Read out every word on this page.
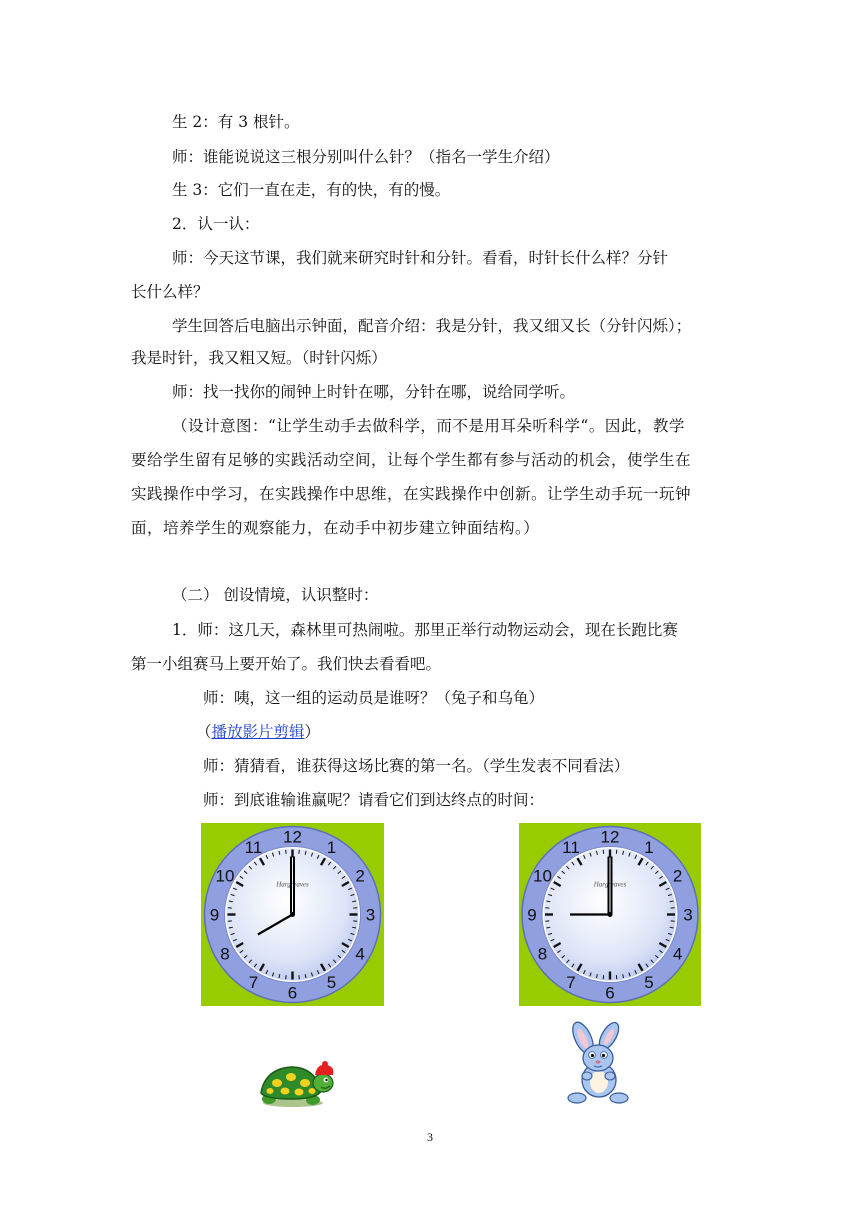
生 2：有 3 根针。
师：谁能说说这三根分别叫什么针？（指名一学生介绍）
生 3：它们一直在走，有的快，有的慢。
2．认一认：
师：今天这节课，我们就来研究时针和分针。看看，时针长什么样？分针
长什么样？
学生回答后电脑出示钟面，配音介绍：我是分针，我又细又长（分针闪烁）；
我是时针，我又粗又短。（时针闪烁）
师：找一找你的闹钟上时针在哪，分针在哪，说给同学听。
（设计意图：“让学生动手去做科学，而不是用耳朵听科学“。因此，教学
要给学生留有足够的实践活动空间，让每个学生都有参与活动的机会，使学生在
实践操作中学习，在实践操作中思维，在实践操作中创新。让学生动手玩一玩钟
面，培养学生的观察能力，在动手中初步建立钟面结构。）
（二） 创设情境，认识整时：
1．师：这几天，森林里可热闹啦。那里正举行动物运动会，现在长跑比赛
第一小组赛马上要开始了。我们快去看看吧。
师：咦，这一组的运动员是谁呀？（兔子和乌龟）
（播放影片剪辑）
师：猜猜看，谁获得这场比赛的第一名。（学生发表不同看法）
师：到底谁输谁赢呢？请看它们到达终点的时间：
12
1
2
3
4
5
6
7
8
9
10
11
Hargreaves
12
1
2
3
4
5
6
7
8
9
10
11
Hargreaves
3
